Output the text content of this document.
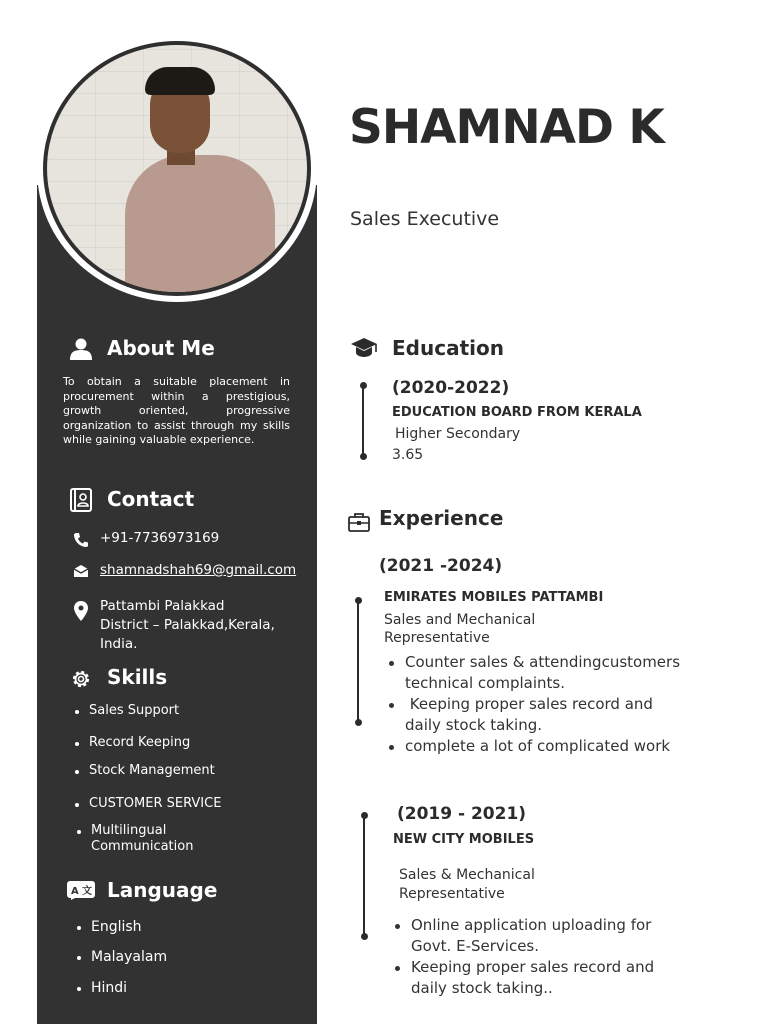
SHAMNAD K
Sales Executive
About Me
To obtain a suitable placement in procurement within a prestigious, growth oriented, progressive organization to assist through my skills while gaining valuable experience.
Contact
+91-7736973169
shamnadshah69@gmail.com
Pattambi Palakkad
District – Palakkad,Kerala,
India.
Skills
Sales Support
Record Keeping
Stock Management
CUSTOMER SERVICE
Multilingual
Communication
A 文 Language
English
Malayalam
Hindi
Education
(2020-2022)
EDUCATION BOARD FROM KERALA
Higher Secondary
3.65
Experience
(2021 -2024)
EMIRATES MOBILES PATTAMBI
Sales and Mechanical
Representative
Counter sales & attendingcustomers
technical complaints.
Keeping proper sales record and
daily stock taking.
complete a lot of complicated work
(2019 - 2021)
NEW CITY MOBILES
Sales & Mechanical
Representative
Online application uploading for
Govt. E-Services.
Keeping proper sales record and
daily stock taking..
